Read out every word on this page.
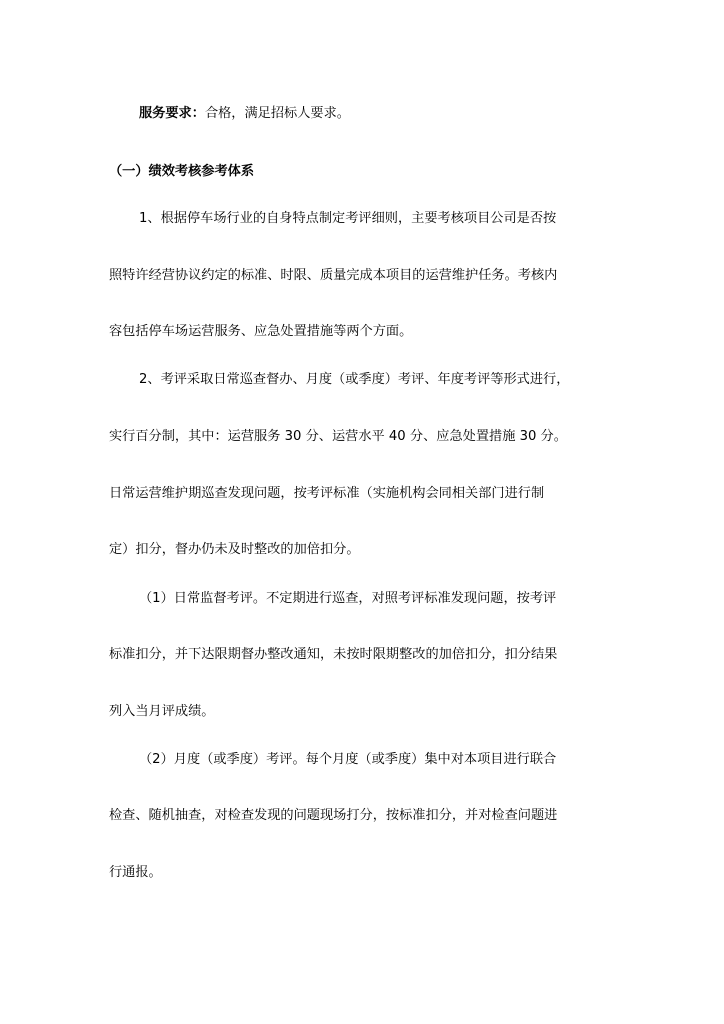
服务要求：合格，满足招标人要求。
（一）绩效考核参考体系
1、根据停车场行业的自身特点制定考评细则，主要考核项目公司是否按
照特许经营协议约定的标准、时限、质量完成本项目的运营维护任务。考核内
容包括停车场运营服务、应急处置措施等两个方面。
2、考评采取日常巡查督办、月度（或季度）考评、年度考评等形式进行，
实行百分制，其中：运营服务 30 分、运营水平 40 分、应急处置措施 30 分。
日常运营维护期巡查发现问题，按考评标准（实施机构会同相关部门进行制
定）扣分，督办仍未及时整改的加倍扣分。
（1）日常监督考评。不定期进行巡查，对照考评标准发现问题，按考评
标准扣分，并下达限期督办整改通知，未按时限期整改的加倍扣分，扣分结果
列入当月评成绩。
（2）月度（或季度）考评。每个月度（或季度）集中对本项目进行联合
检查、随机抽查，对检查发现的问题现场打分，按标准扣分，并对检查问题进
行通报。
